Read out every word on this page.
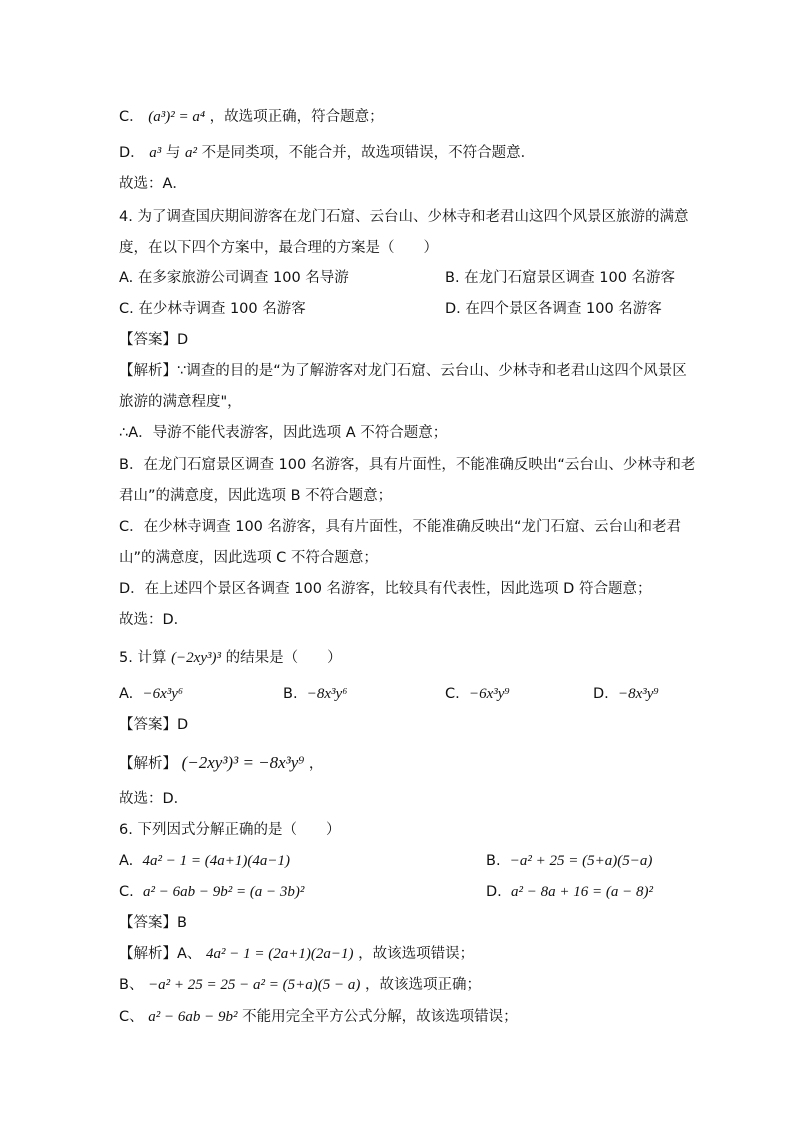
C． (a³)² = a⁴ ，故选项正确，符合题意；
D． a³ 与 a² 不是同类项，不能合并，故选项错误，不符合题意．
故选：A．
4. 为了调查国庆期间游客在龙门石窟、云台山、少林寺和老君山这四个风景区旅游的满意
度，在以下四个方案中，最合理的方案是（　　）
A. 在多家旅游公司调查 100 名导游	B. 在龙门石窟景区调查 100 名游客
C. 在少林寺调查 100 名游客	D. 在四个景区各调查 100 名游客
【答案】D
【解析】∵调查的目的是“为了解游客对龙门石窟、云台山、少林寺和老君山这四个风景区
旅游的满意程度"，
∴A．导游不能代表游客，因此选项 A 不符合题意；
B．在龙门石窟景区调查 100 名游客，具有片面性，不能准确反映出“云台山、少林寺和老
君山”的满意度，因此选项 B 不符合题意；
C．在少林寺调查 100 名游客，具有片面性，不能准确反映出“龙门石窟、云台山和老君
山”的满意度，因此选项 C 不符合题意；
D．在上述四个景区各调查 100 名游客，比较具有代表性，因此选项 D 符合题意；
故选：D．
5. 计算 (−2xy³)³ 的结果是（　　）
A. −6x³y⁶	B. −8x³y⁶	C. −6x³y⁹	D. −8x³y⁹
【答案】D
【解析】 (−2xy³)³ = −8x³y⁹ ，
故选：D．
6. 下列因式分解正确的是（　　）
A. 4a² − 1 = (4a+1)(4a−1)	B. −a² + 25 = (5+a)(5−a)
C. a² − 6ab − 9b² = (a − 3b)²	D. a² − 8a + 16 = (a − 8)²
【答案】B
【解析】A、 4a² − 1 = (2a+1)(2a−1) ，故该选项错误；
B、 −a² + 25 = 25 − a² = (5+a)(5 − a) ，故该选项正确；
C、 a² − 6ab − 9b² 不能用完全平方公式分解，故该选项错误；
